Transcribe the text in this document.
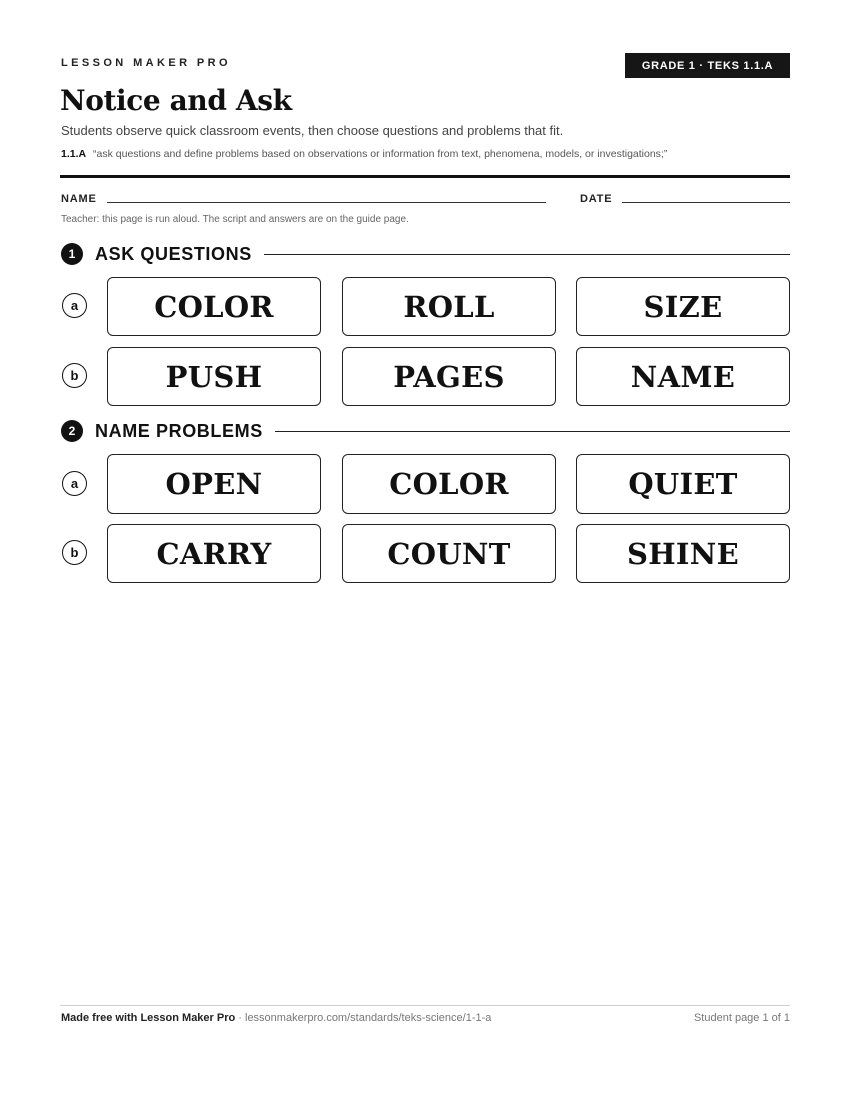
LESSON MAKER PRO	GRADE 1 · TEKS 1.1.A
Notice and Ask

Students observe quick classroom events, then choose questions and problems that fit.

1.1.A “ask questions and define problems based on observations or information from text, phenomena, models, or investigations;”

NAME	DATE

Teacher: this page is run aloud. The script and answers are on the guide page.

1	ASK QUESTIONS
a	COLOR	ROLL	SIZE
b	PUSH	PAGES	NAME
2	NAME PROBLEMS
a	OPEN	COLOR	QUIET
b	CARRY	COUNT	SHINE

Made free with Lesson Maker Pro · lessonmakerpro.com/standards/teks-science/1-1-a	Student page 1 of 1
